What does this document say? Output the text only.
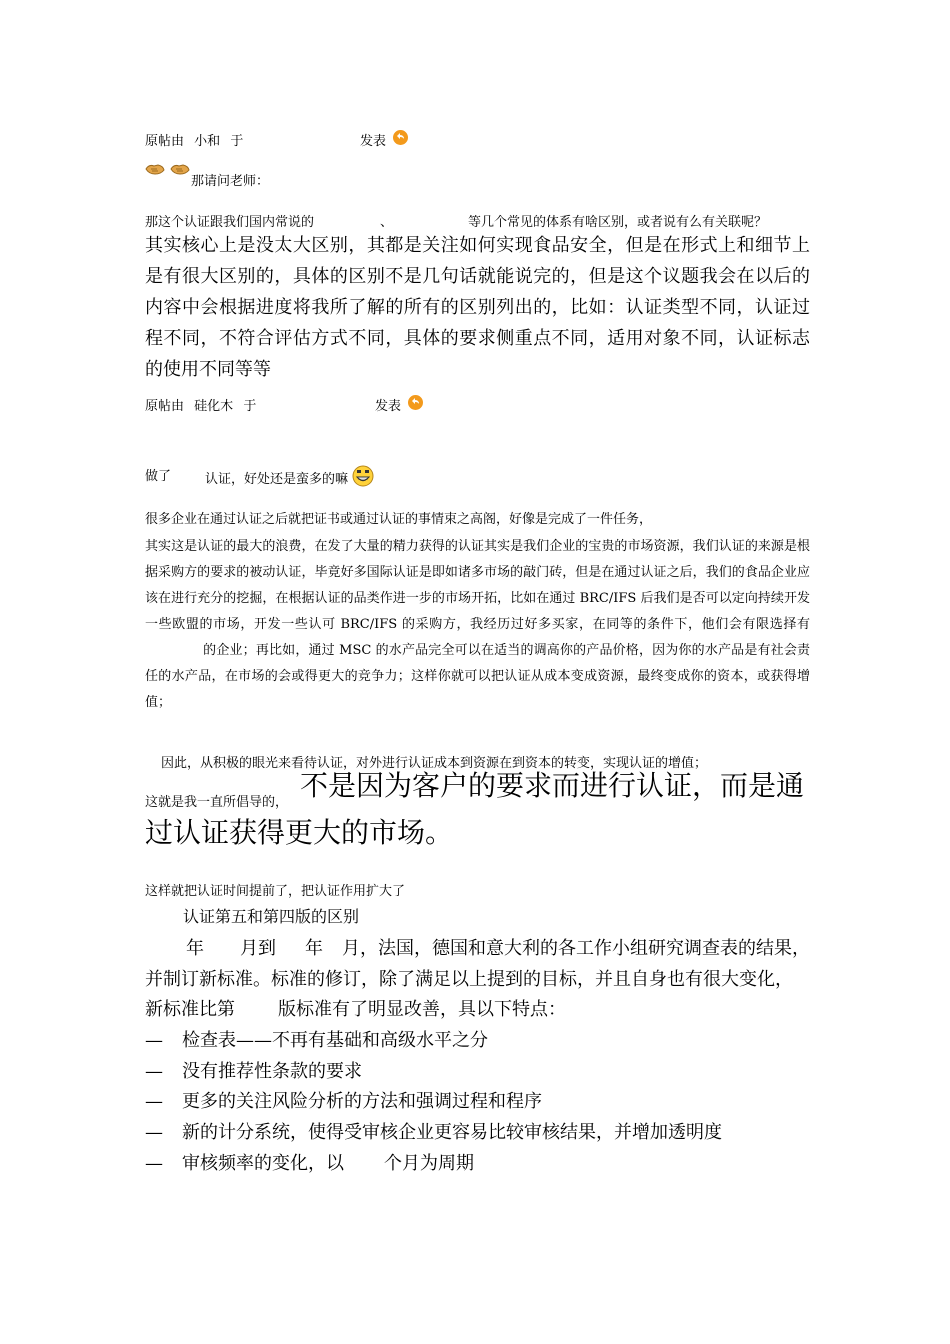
原帖由 小和 于	发表

那请问老师：
那这个认证跟我们国内常说的	、	等几个常见的体系有啥区别，或者说有么有关联呢？
其实核心上是没太大区别，其都是关注如何实现食品安全，但是在形式上和细节上是有很大区别的，具体的区别不是几句话就能说完的，但是这个议题我会在以后的内容中会根据进度将我所了解的所有的区别列出的，比如：认证类型不同，认证过程不同，不符合评估方式不同，具体的要求侧重点不同，适用对象不同，认证标志的使用不同等等
原帖由 硅化木 于	发表
做了	认证，好处还是蛮多的嘛
很多企业在通过认证之后就把证书或通过认证的事情束之高阁，好像是完成了一件任务，
其实这是认证的最大的浪费，在发了大量的精力获得的认证其实是我们企业的宝贵的市场资源，我们认证的来源是根据采购方的要求的被动认证，毕竟好多国际认证是即如诸多市场的敲门砖，但是在通过认证之后，我们的食品企业应该在进行充分的挖掘，在根据认证的品类作进一步的市场开拓，比如在通过 BRC/IFS 后我们是否可以定向持续开发一些欧盟的市场，开发一些认可 BRC/IFS 的采购方，我经历过好多买家，在同等的条件下，他们会有限选择有的企业；再比如，通过 MSC 的水产品完全可以在适当的调高你的产品价格，因为你的水产品是有社会责任的水产品，在市场的会或得更大的竞争力；这样你就可以把认证从成本变成资源，最终变成你的资本，或获得增值；
因此，从积极的眼光来看待认证，对外进行认证成本到资源在到资本的转变，实现认证的增值；
这就是我一直所倡导的，
不是因为客户的要求而进行认证，而是通
过认证获得更大的市场。
这样就把认证时间提前了，把认证作用扩大了
认证第五和第四版的区别
年 月到 年 月，法国，德国和意大利的各工作小组研究调查表的结果，
并制订新标准。标准的修订，除了满足以上提到的目标，并且自身也有很大变化，
新标准比第 版标准有了明显改善，具以下特点：
— 检查表——不再有基础和高级水平之分
— 没有推荐性条款的要求
— 更多的关注风险分析的方法和强调过程和程序
— 新的计分系统，使得受审核企业更容易比较审核结果，并增加透明度
— 审核频率的变化，以 个月为周期
